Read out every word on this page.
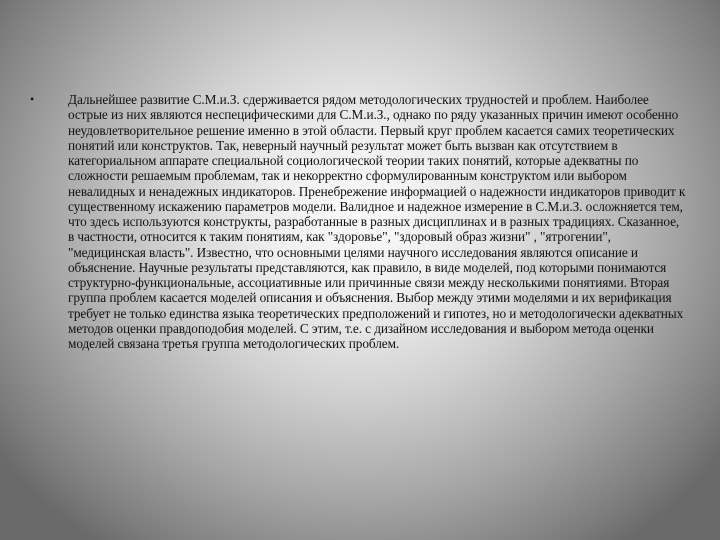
•	Дальнейшее развитие С.М.и.З. сдерживается рядом методологических трудностей и проблем. Наиболее острые из них являются неспецифическими для С.М.и.З., однако по ряду указанных причин имеют особенно неудовлетворительное решение именно в этой области. Первый круг проблем касается самих теоретических понятий или конструктов. Так, неверный научный результат может быть вызван как отсутствием в категориальном аппарате специальной социологической теории таких понятий, которые адекватны по сложности решаемым проблемам, так и некорректно сформулированным конструктом или выбором невалидных и ненадежных индикаторов. Пренебрежение информацией о надежности индикаторов приводит к существенному искажению параметров модели. Валидное и надежное измерение в С.М.и.З. осложняется тем, что здесь используются конструкты, разработанные в разных дисциплинах и в разных традициях. Сказанное, в частности, относится к таким понятиям, как "здоровье", "здоровый образ жизни" , "ятрогении", "медицинская власть". Известно, что основными целями научного исследования являются описание и объяснение. Научные результаты представляются, как правило, в виде моделей, под которыми понимаются структурно-функциональные, ассоциативные или причинные связи между несколькими понятиями. Вторая группа проблем касается моделей описания и объяснения. Выбор между этими моделями и их верификация требует не только единства языка теоретических предположений и гипотез, но и методологически адекватных методов оценки правдоподобия моделей. С этим, т.е. с дизайном исследования и выбором метода оценки моделей связана третья группа методологических проблем.
